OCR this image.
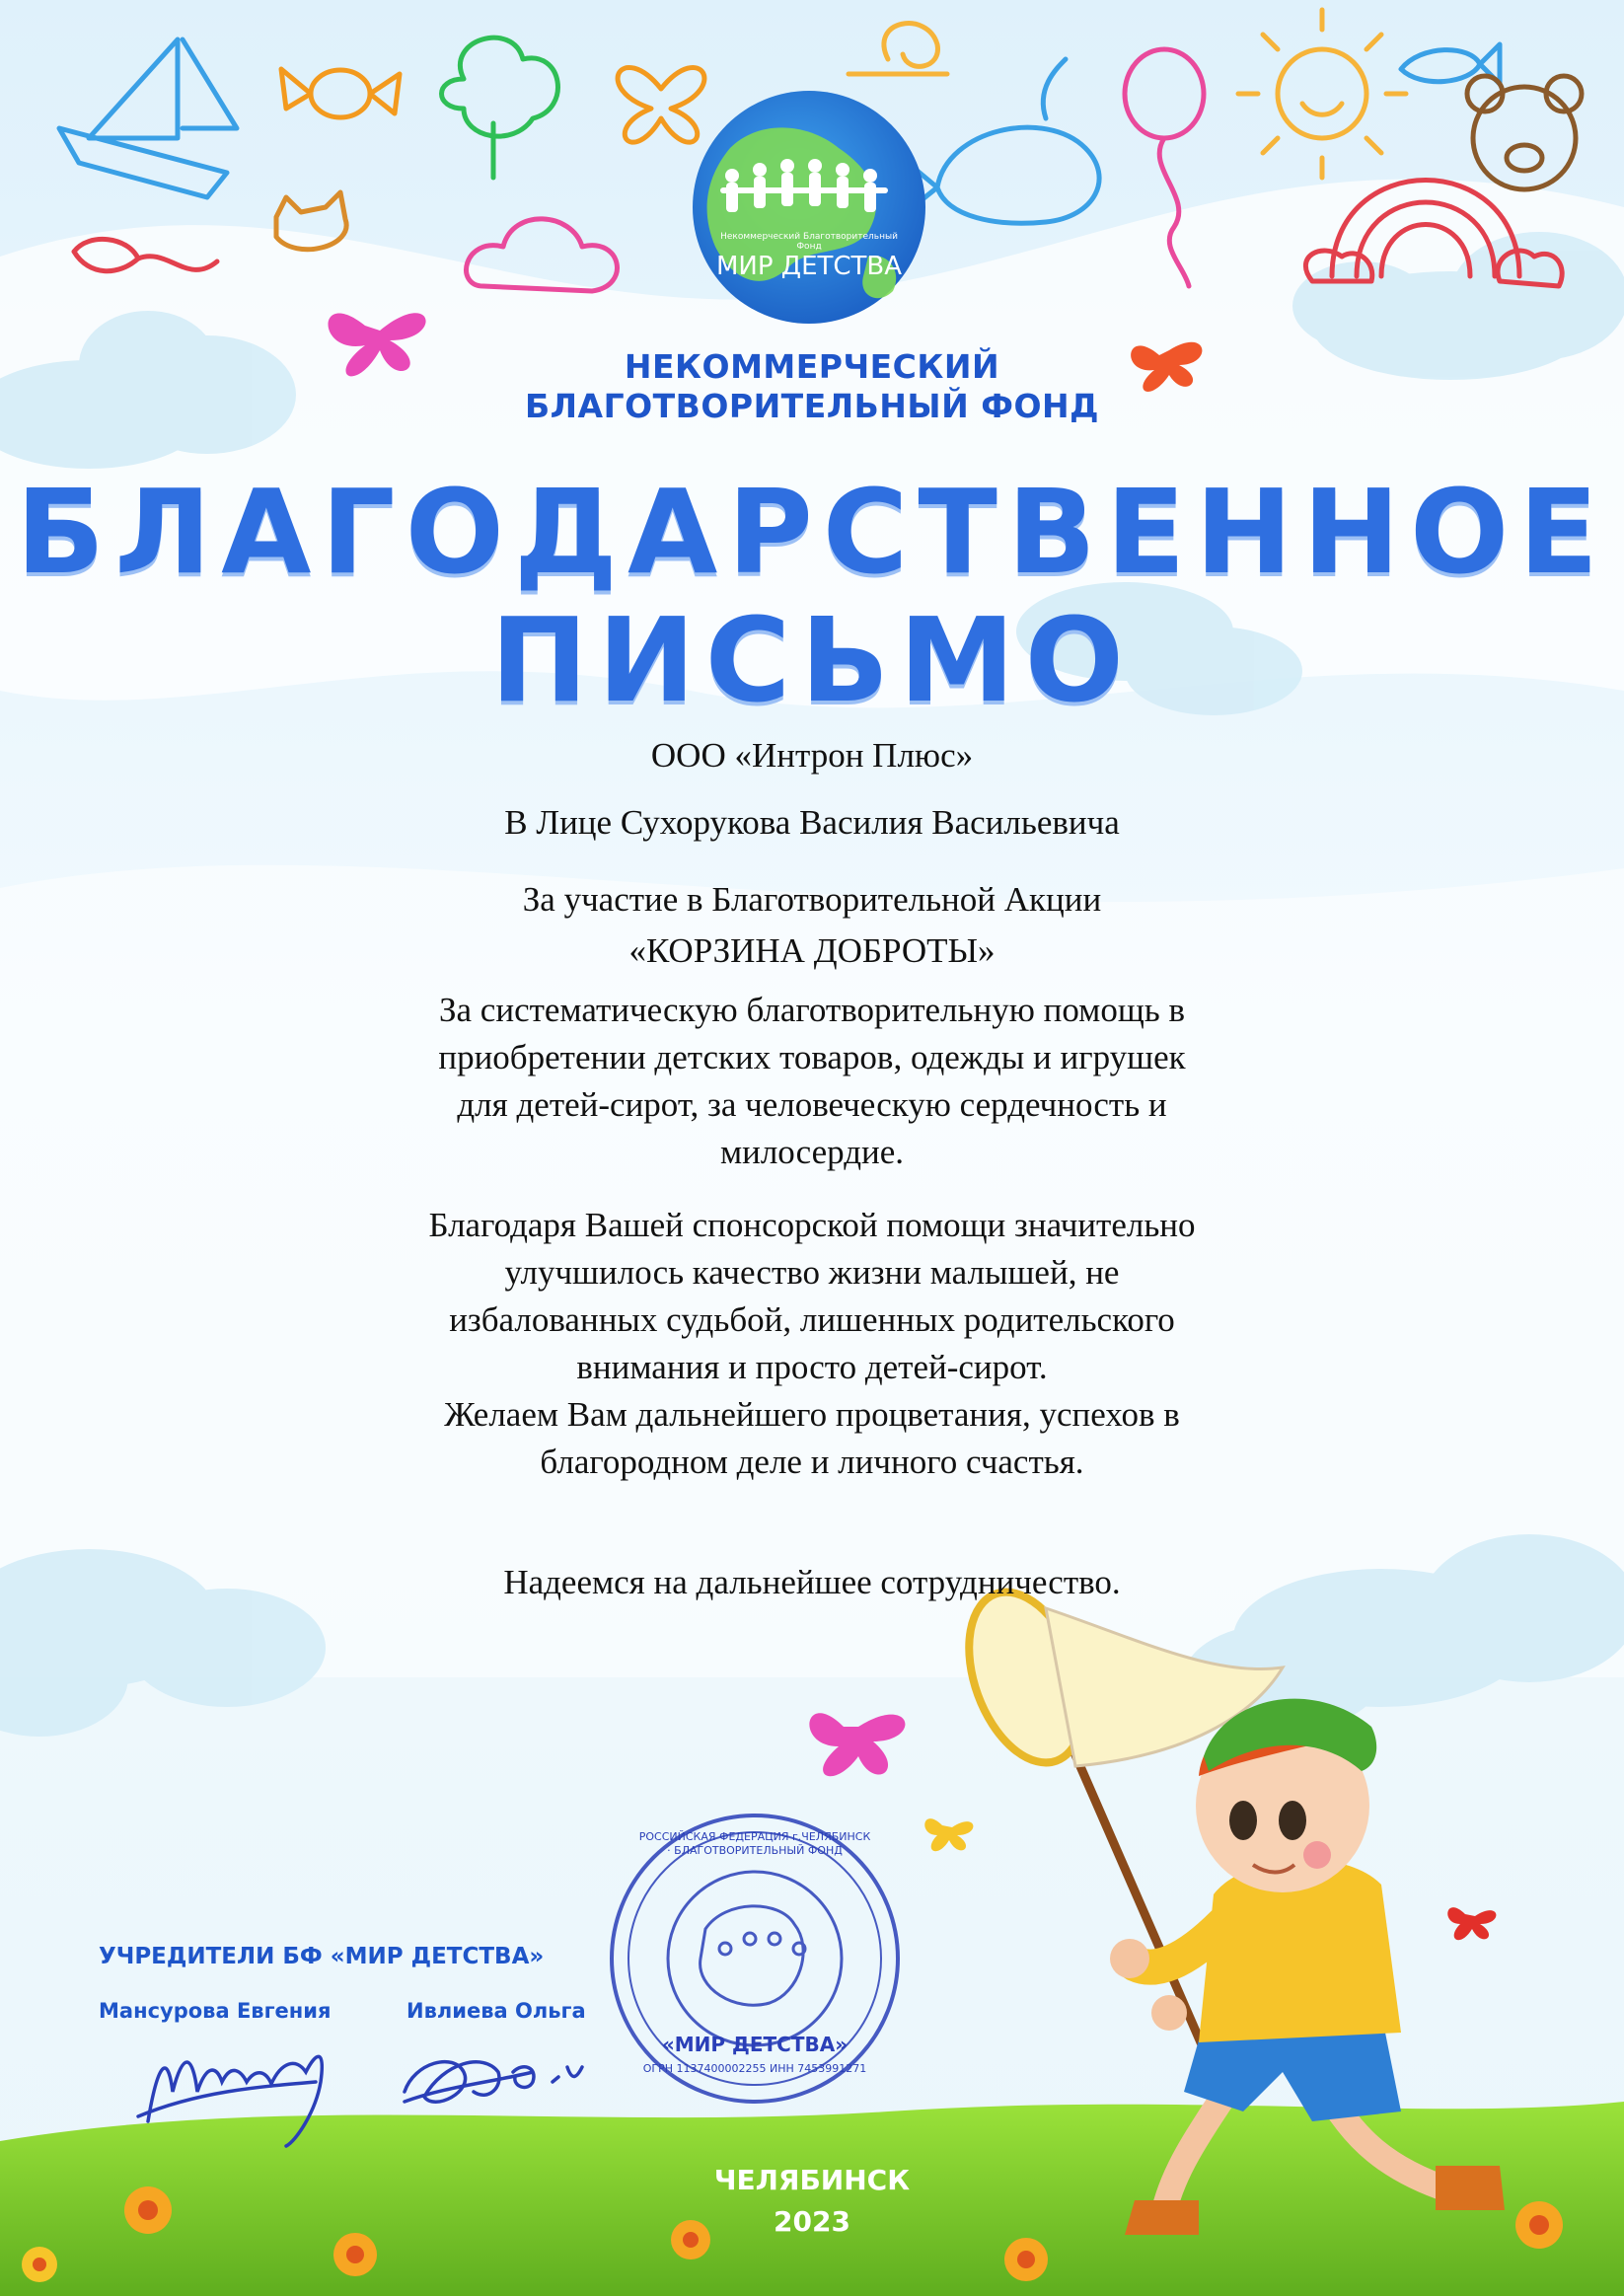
Некоммерческий Благотворительный Фонд
МИР ДЕТСТВА
НЕКОММЕРЧЕСКИЙ
БЛАГОТВОРИТЕЛЬНЫЙ ФОНД
БЛАГОДАРСТВЕННОЕ
ПИСЬМО
ООО «Интрон Плюс»
В Лице Сухорукова Василия Васильевича
За участие в Благотворительной Акции
«КОРЗИНА ДОБРОТЫ»
За систематическую благотворительную помощь в
приобретении детских товаров, одежды и игрушек
для детей-сирот, за человеческую сердечность и
милосердие.
Благодаря Вашей спонсорской помощи значительно
улучшилось качество жизни малышей, не
избалованных судьбой, лишенных родительского
внимания и просто детей-сирот.
Желаем Вам дальнейшего процветания, успехов в
благородном деле и личного счастья.
Надеемся на дальнейшее сотрудничество.
УЧРЕДИТЕЛИ БФ «МИР ДЕТСТВА»
Мансурова Евгения	Ивлиева Ольга
РОССИЙСКАЯ ФЕДЕРАЦИЯ г.ЧЕЛЯБИНСК · БЛАГОТВОРИТЕЛЬНЫЙ ФОНД
«МИР ДЕТСТВА»
ОГРН 1137400002255 ИНН 7453991271
ЧЕЛЯБИНСК
2023
